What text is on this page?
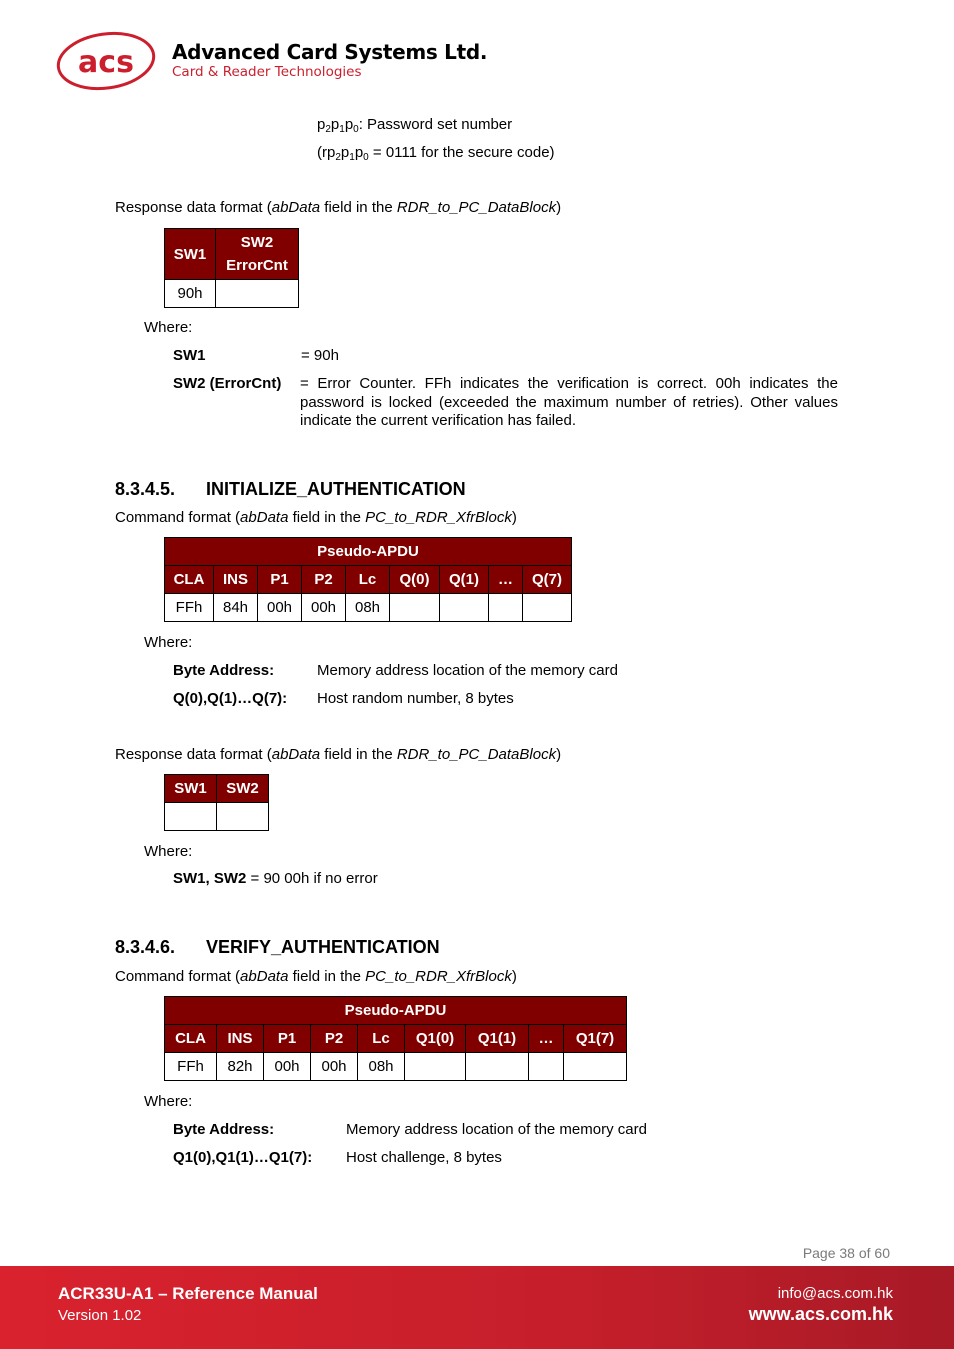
acs Advanced Card Systems Ltd.
Card & Reader Technologies
$p_2p_1p_0$: Password set number
($rp_2p_1p_0 = 0111$ for the secure code)
Response data format (abData field in the RDR_to_PC_DataBlock)
SW1	SW2
ErrorCnt
90h	
Where:
SW1	= 90h
SW2 (ErrorCnt) = Error Counter. FFh indicates the verification is correct. 00h indicates the password is locked (exceeded the maximum number of retries). Other values indicate the current verification has failed.
8.3.4.5. INITIALIZE_AUTHENTICATION
Command format (abData field in the PC_to_RDR_XfrBlock)
Pseudo-APDU								
CLA	INS	P1	P2	Lc	Q(0)	Q(1)	…	Q(7)
FFh	84h	00h	00h	08h				
Where:
Byte Address:	Memory address location of the memory card
Q(0),Q(1)…Q(7): Host random number, 8 bytes
Response data format (abData field in the RDR_to_PC_DataBlock)
SW1	SW2

Where:
SW1, SW2 = 90 00h if no error
8.3.4.6. VERIFY_AUTHENTICATION
Command format (abData field in the PC_to_RDR_XfrBlock)
Pseudo-APDU								
CLA	INS	P1	P2	Lc	Q1(0)	Q1(1)	…	Q1(7)
FFh	82h	00h	00h	08h				
Where:
Byte Address:	Memory address location of the memory card
Q1(0),Q1(1)…Q1(7): Host challenge, 8 bytes
Page 38 of 60
ACR33U-A1 – Reference Manual
Version 1.02
info@acs.com.hk
www.acs.com.hk
